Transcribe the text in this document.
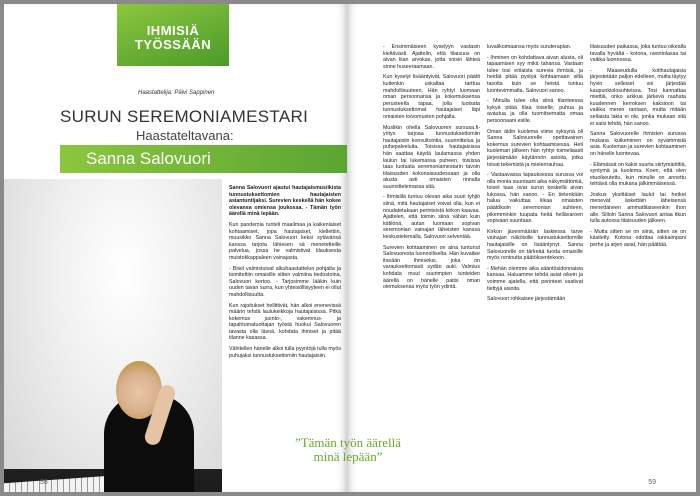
IHMISIÄ
TYÖSSÄÄN
Haastattelija: Päivi Sappinen
SURUN SEREMONIAMESTARI
Haastateltavana:
Sanna Salovuori

Sanna Salovuori ajautui hautajaismusiikista tunnustuksettomien hautajaisten asiantuntijaksi. Surevien keskellä hän kokee olevansa omiensa joukossa. - Tämän työn äärellä minä lepään.

Kun pandemia runteli maailmaa ja kaikenlaiset kohtaamiset, jopa hautajaiset, kiellettiin, muusikko Sanna Salovuori keksi sytävänsä kanssa tarjota lähiesen sä menetetteille palvelua, jossa he valmistivat tilauksesta muistokkappaleen vainajasta.

- Biisit valmistuivat alkuhaastattelun pohjalta ja toimitettiin omaisille sitten valmiina tiedostoina, Salovuori kertoo. - Tarjosimme lääkin kuin uuden tavan surra, kun yhteisöllisyyteen ei ollut mahdollisuutta.

Kun rajoitukset hellittivät, hän alkoi enenevissä määrin tehdä laulukeikkoja hautajaisissa. Pitkä kokemus juonto-, vakemnus- ja tapahtumatuottajan työstä huokui Salovuoren tavasta olla läsnä, kohdata ihmiset ja pitää tilanne kasassa.

Vähitellen hänelle alkoi tulla pyyntöjä tulla myös puhujaksi tunnustuksettomiin hautajaisiin.

58

- Ensimmäiseen kyselyyn vastasin kieltävästi. Ajattelin, että tilaisuus on aivan liian arvokas, jotta voisin lähteä sinne huseeraamaan.

Kun kyselyt lisääntyivät, Salovuori päätti kuitenkin uskaltaa tarttua mahdollisuuteen. Hän ryhtyi luomaan oman persoonansa ja kokemuksensa perusteella tapaa, jolla luotsata tunnustuksettomat hautajaiset läpi omaisten toivomusten pohjalta.

Muslikin ohella Salovuoren sursusa.fi-yritys tarjoaa tunnustuksettomiin hautajaisiin konsultointia, suunnittelua ja puhepalveluita. Toisissa hautajaisissa hän saattaa käydä laulamassa yhden laulun tai lukemassa puheen, toisissa taas luotsata seremoniamestarin tavoin tilaisuuden kokonaisuudessaan ja olla alusta asti omaisten rinnalla suunnittelemassa sitä.

- Ihmisillä tuntuu olevan aika suuri tyhjiö siinä, mitä hautajaiset voivat olla, kun ei noudatetakaan perinteistä kirkon kaavaa. Ajattelen, että toimin siinä vähän kuin kätilönä, autan luomaan sopivan seremonian vainajan läheisten kanssa keskustelemalla, Salovuori selventää.

Surevien kohtaaminen on aina tuntunut Salovuoresta luonnolliselta. Hän kuvailee itseään ihmiseksi, joka on varauksettomasti sydän auki. Valmius kohdata muut suurimpien tunteiden äärellä on hänelle paitsi oman olemuksensa myös työn ydintä.

luvalikoimaansa myös suruterapian.

- Ihminen on kohdattava aivan alusta, oli tapaamisen syy mikä tahansa. Vastaan tulee tosi erilaista surevia ihmisiä, ja heidät pitää pystyä kohtaamaan siltä tasolta kuin se heistä tuntuu luontevimmalta, Salovuori sanoo.

- Minulla tulee olla siinä tilanteessa kykyä pitää tilaa toiselle, puhua ja avautua ja olla tuomitsematta omaa persoonaani esille.

Oman äidin kuolema viime syksynä oli Sanna Salovuorelle opettavainen kokemus surevien kohtaamisessa. Heti kuoleman jälkeen hän ryhtyi toimeliaasti järjestämään käytännön asioita, jotka toivat tekemistä ja mielenrauhaa.

- Vastaavassa tapauksessa surussa voi olla monia suuntaani aika näkymättömiä, toiset taas ovat surun keskellä aivan lukossa, hän sanoo. - En tietenkään halua vaikuttaa liikaa omaisten päätöksiin seremonian suhteen, pikemminkin tuupata heitä hellävaroen sopivaan suuntaan.

Kirkon jäsenmäärän laskiessa tarve vainajan näköisille tunnustuksettomille hautajaisille on lisääntynyt. Sanna Salovuorelle on tärkeää tuoda omaisille myös rentoutta päätöksentekoon.

- Mehän olemme aika sääntösidonnaisia kansaa. Haluamme tehdä asiat oikein ja voimme ajatella, että perinteet vaativat tiettyjä asioita.

Salovuori rohkaisee järjestämään

tilaisuuden paikassa, joka tuntuu oikealla tavalla hyvältä - kotona, ravintolassa tai vaikka luonnossa.

- Maaseudulla kotihautajaisia järjestetään paljon edelleen, mutta täytyy hyvin selleiset voi järjestää kaupunkiolosuhteissa. Tosi kannattaa miettiä, onko arkkua järkevä raahata kuudennen kerroksen kaksioon tai vaikka meren rantaan, mutta mitään sellaista lakia ei ole, jonka mukaan sitä ei saisi tehdä, hän sanoo.

Sanna Salovuorelle ihmisten surussa mukana kulkeminen on syvämmistä asia. Kuoleman ja surevien kohtaaminen on hänelle luontevaa.

- Elämässä on kaksi suurta siirtymäriittiä, syntymä ja kuolema. Koen, että olen etuoikeutettu, kun minulle on annettu tehtävä olla mukana jälkimmäisessä.

Joskus yksittäiset laulut tai hetket menevät äskettäin läheisensä menettäneen ammattilaiseenkin ihon alle. Silloin Sanna Salovuori antaa itkun tulla autossa tilaisuuden jälkeen.

- Mutta sitten se on siinä, sitten se on käsitelty. Kotona odottaa rakkaimpani perhe ja arjen asiat, hän päättää.

59
”Tämän työn äärellä minä lepään”
